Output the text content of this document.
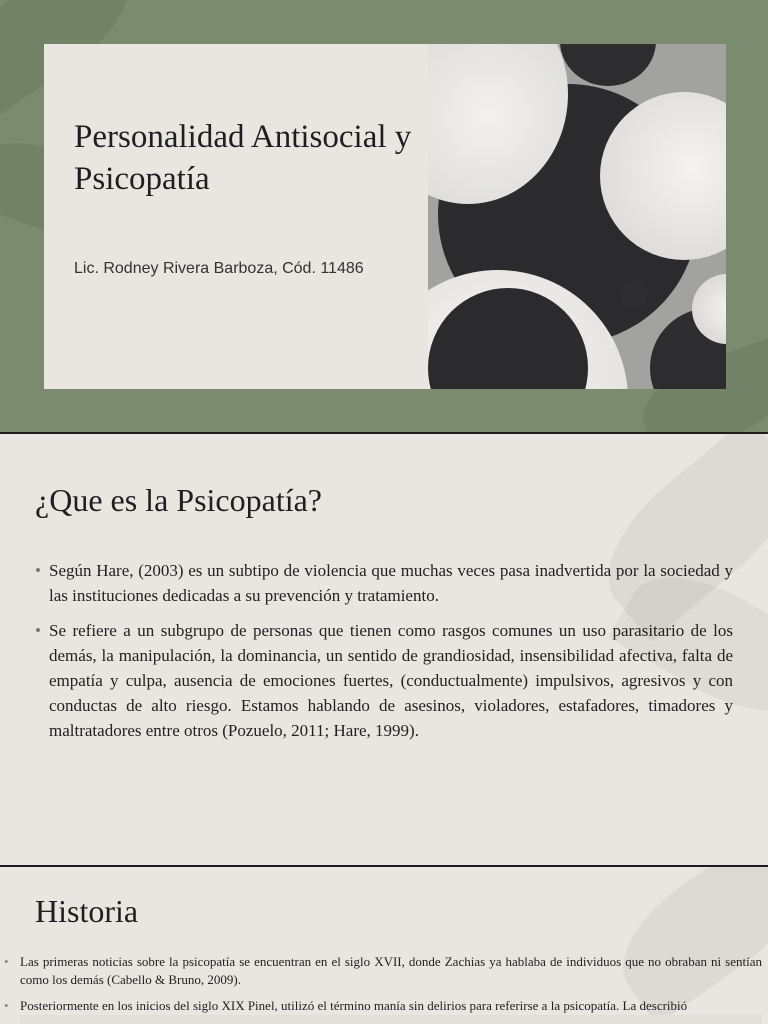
Personalidad Antisocial y Psicopatía
Lic. Rodney Rivera Barboza, Cód. 11486
¿Que es la Psicopatía?
• Según Hare, (2003) es un subtipo de violencia que muchas veces pasa inadvertida por la sociedad y las instituciones dedicadas a su prevención y tratamiento.
• Se refiere a un subgrupo de personas que tienen como rasgos comunes un uso parasitario de los demás, la manipulación, la dominancia, un sentido de grandiosidad, insensibilidad afectiva, falta de empatía y culpa, ausencia de emociones fuertes, (conductualmente) impulsivos, agresivos y con conductas de alto riesgo. Estamos hablando de asesinos, violadores, estafadores, timadores y maltratadores entre otros (Pozuelo, 2011; Hare, 1999).
Historia
• Las primeras noticias sobre la psicopatía se encuentran en el siglo XVII, donde Zachias ya hablaba de individuos que no obraban ni sentían como los demás (Cabello & Bruno, 2009).
• Posteriormente en los inicios del siglo XIX Pinel, utilizó el término manía sin delirios para referirse a la psicopatía. La describió
